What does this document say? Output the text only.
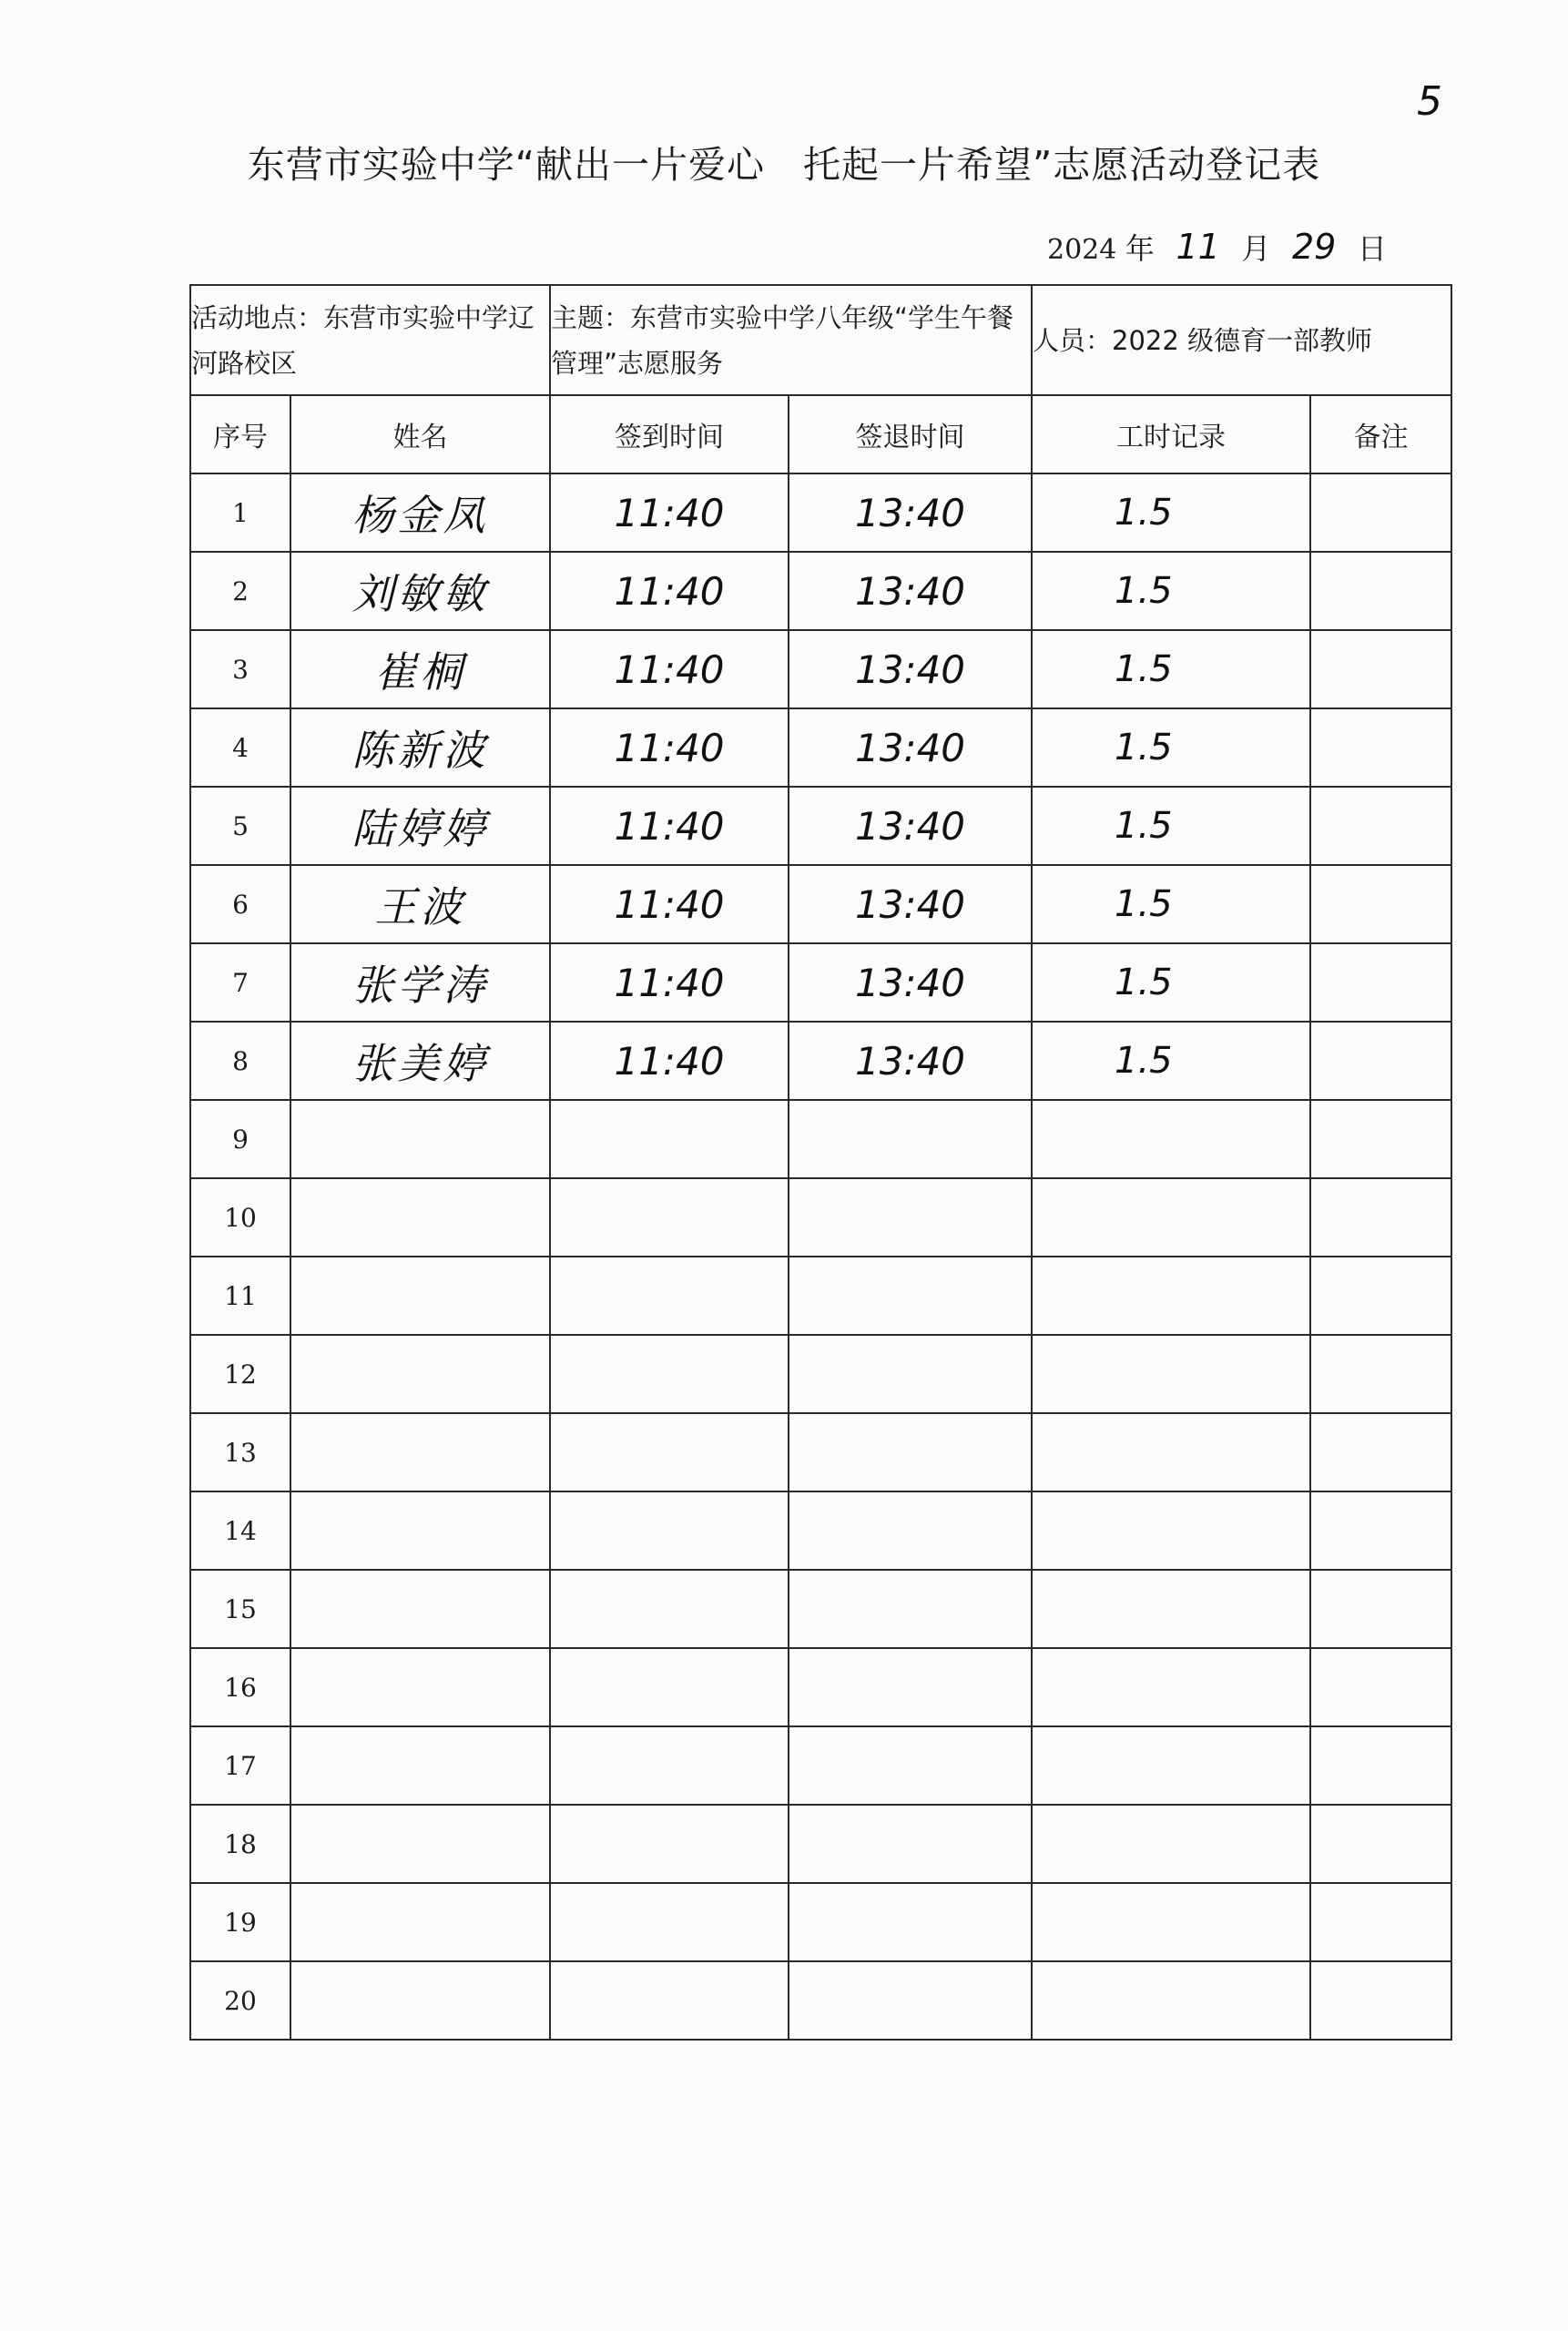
5
东营市实验中学“献出一片爱心　托起一片希望”志愿活动登记表
2024 年 11 月 29 日
活动地点：东营市实验中学辽河路校区		主题：东营市实验中学八年级“学生午餐管理”志愿服务		人员：2022 级德育一部教师	
序号	姓名	签到时间	签退时间	工时记录	备注
1	杨金凤	11:40	13:40	1.5	
2	刘敏敏	11:40	13:40	1.5	
3	崔桐	11:40	13:40	1.5	
4	陈新波	11:40	13:40	1.5	
5	陆婷婷	11:40	13:40	1.5	
6	王波	11:40	13:40	1.5	
7	张学涛	11:40	13:40	1.5	
8	张美婷	11:40	13:40	1.5	
9					
10					
11					
12					
13					
14					
15					
16					
17					
18					
19					
20					
